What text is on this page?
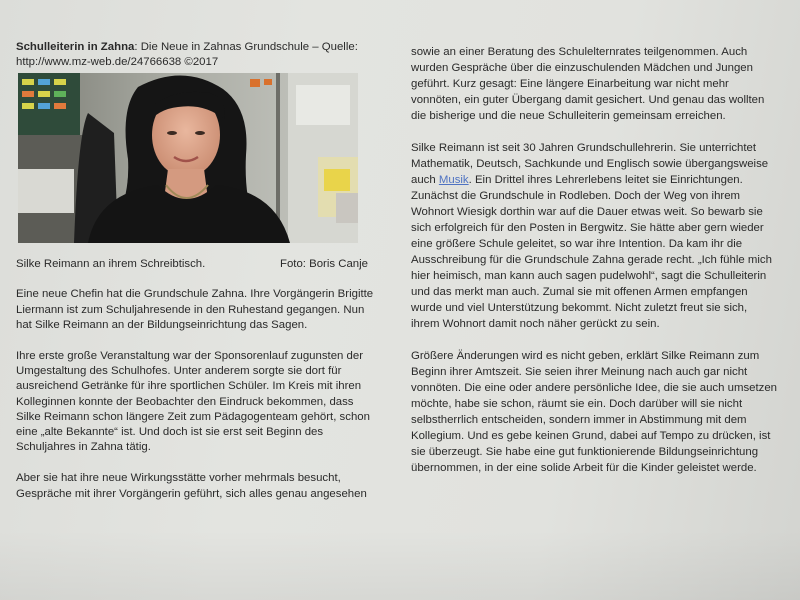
Schulleiterin in Zahna: Die Neue in Zahnas Grundschule – Quelle:
http://www.mz-web.de/24766638 ©2017

Silke Reimann an ihrem Schreibtisch.	Foto: Boris Canje

Eine neue Chefin hat die Grundschule Zahna. Ihre Vorgängerin Brigitte Liermann ist zum Schuljahresende in den Ruhestand gegangen. Nun hat Silke Reimann an der Bildungseinrichtung das Sagen.

Ihre erste große Veranstaltung war der Sponsorenlauf zugunsten der Umgestaltung des Schulhofes. Unter anderem sorgte sie dort für ausreichend Getränke für ihre sportlichen Schüler. Im Kreis mit ihren Kolleginnen konnte der Beobachter den Eindruck bekommen, dass Silke Reimann schon längere Zeit zum Pädagogenteam gehört, schon eine „alte Bekannte“ ist. Und doch ist sie erst seit Beginn des Schuljahres in Zahna tätig.

Aber sie hat ihre neue Wirkungsstätte vorher mehrmals besucht, Gespräche mit ihrer Vorgängerin geführt, sich alles genau angesehen

sowie an einer Beratung des Schulelternrates teilgenommen. Auch wurden Gespräche über die einzuschulenden Mädchen und Jungen geführt. Kurz gesagt: Eine längere Einarbeitung war nicht mehr vonnöten, ein guter Übergang damit gesichert. Und genau das wollten die bisherige und die neue Schulleiterin gemeinsam erreichen.

Silke Reimann ist seit 30 Jahren Grundschullehrerin. Sie unterrichtet Mathematik, Deutsch, Sachkunde und Englisch sowie übergangsweise auch Musik. Ein Drittel ihres Lehrerlebens leitet sie Einrichtungen. Zunächst die Grundschule in Rodleben. Doch der Weg von ihrem Wohnort Wiesigk dorthin war auf die Dauer etwas weit. So bewarb sie sich erfolgreich für den Posten in Bergwitz. Sie hätte aber gern wieder eine größere Schule geleitet, so war ihre Intention. Da kam ihr die Ausschreibung für die Grundschule Zahna gerade recht. „Ich fühle mich hier heimisch, man kann auch sagen pudelwohl“, sagt die Schulleiterin und das merkt man auch. Zumal sie mit offenen Armen empfangen wurde und viel Unterstützung bekommt. Nicht zuletzt freut sie sich, ihrem Wohnort damit noch näher gerückt zu sein.

Größere Änderungen wird es nicht geben, erklärt Silke Reimann zum Beginn ihrer Amtszeit. Sie seien ihrer Meinung nach auch gar nicht vonnöten. Die eine oder andere persönliche Idee, die sie auch umsetzen möchte, habe sie schon, räumt sie ein. Doch darüber will sie nicht selbstherrlich entscheiden, sondern immer in Abstimmung mit dem Kollegium. Und es gebe keinen Grund, dabei auf Tempo zu drücken, ist sie überzeugt. Sie habe eine gut funktionierende Bildungseinrichtung übernommen, in der eine solide Arbeit für die Kinder geleistet werde.
